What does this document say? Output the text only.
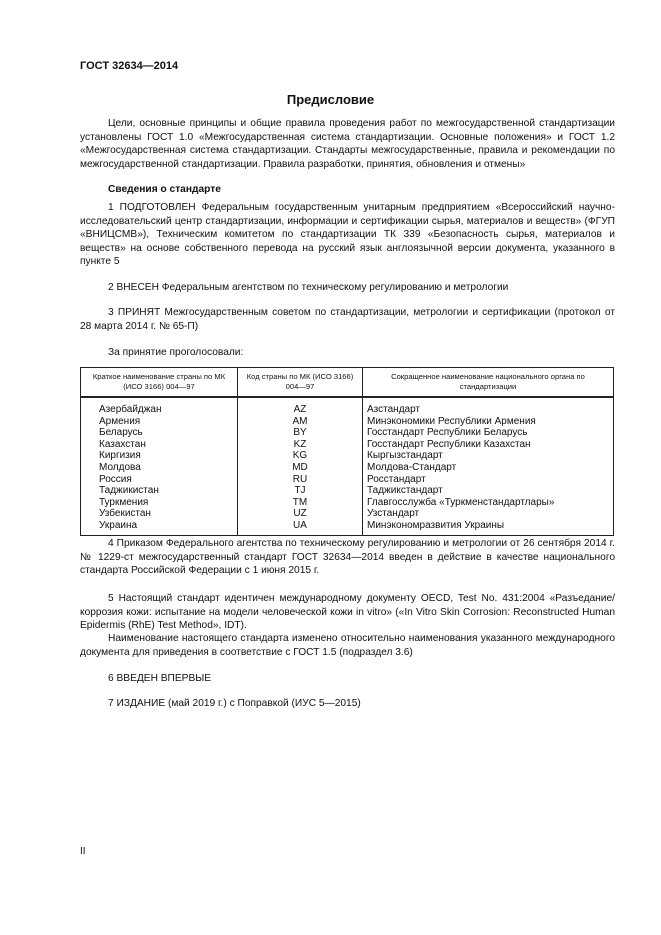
ГОСТ 32634—2014
Предисловие

Цели, основные принципы и общие правила проведения работ по межгосударственной стандартизации установлены ГОСТ 1.0 «Межгосударственная система стандартизации. Основные положения» и ГОСТ 1.2 «Межгосударственная система стандартизации. Стандарты межгосударственные, правила и рекомендации по межгосударственной стандартизации. Правила разработки, принятия, обновления и отмены»

Сведения о стандарте

1 ПОДГОТОВЛЕН Федеральным государственным унитарным предприятием «Всероссийский научно-исследовательский центр стандартизации, информации и сертификации сырья, материалов и веществ» (ФГУП «ВНИЦСМВ»), Техническим комитетом по стандартизации ТК 339 «Безопасность сырья, материалов и веществ» на основе собственного перевода на русский язык англоязычной версии документа, указанного в пункте 5

2 ВНЕСЕН Федеральным агентством по техническому регулированию и метрологии

3 ПРИНЯТ Межгосударственным советом по стандартизации, метрологии и сертификации (протокол от 28 марта 2014 г. № 65-П)

За принятие проголосовали:

Краткое наименование страны по МК (ИСО 3166) 004—97	Код страны по МК (ИСО 3166) 004—97	Сокращенное наименование национального органа по стандартизации
Азербайджан	AZ	Азстандарт
Армения	AM	Минэкономики Республики Армения
Беларусь	BY	Госстандарт Республики Беларусь
Казахстан	KZ	Госстандарт Республики Казахстан
Киргизия	KG	Кыргызстандарт
Молдова	MD	Молдова-Стандарт
Россия	RU	Росстандарт
Таджикистан	TJ	Таджикстандарт
Туркмения	TM	Главгосслужба «Туркменстандартлары»
Узбекистан	UZ	Узстандарт
Украина	UA	Минэкономразвития Украины

4 Приказом Федерального агентства по техническому регулированию и метрологии от 26 сентября 2014 г. № 1229-ст межгосударственный стандарт ГОСТ 32634—2014 введен в действие в качестве национального стандарта Российской Федерации с 1 июня 2015 г.

5 Настоящий стандарт идентичен международному документу OECD, Test No. 431:2004 «Разъедание/коррозия кожи: испытание на модели человеческой кожи in vitro» («In Vitro Skin Corrosion: Reconstructed Human Epidermis (RhE) Test Method», IDT).

Наименование настоящего стандарта изменено относительно наименования указанного международного документа для приведения в соответствие с ГОСТ 1.5 (подраздел 3.6)

6 ВВЕДЕН ВПЕРВЫЕ

7 ИЗДАНИЕ (май 2019 г.) с Поправкой (ИУС 5—2015)

II
